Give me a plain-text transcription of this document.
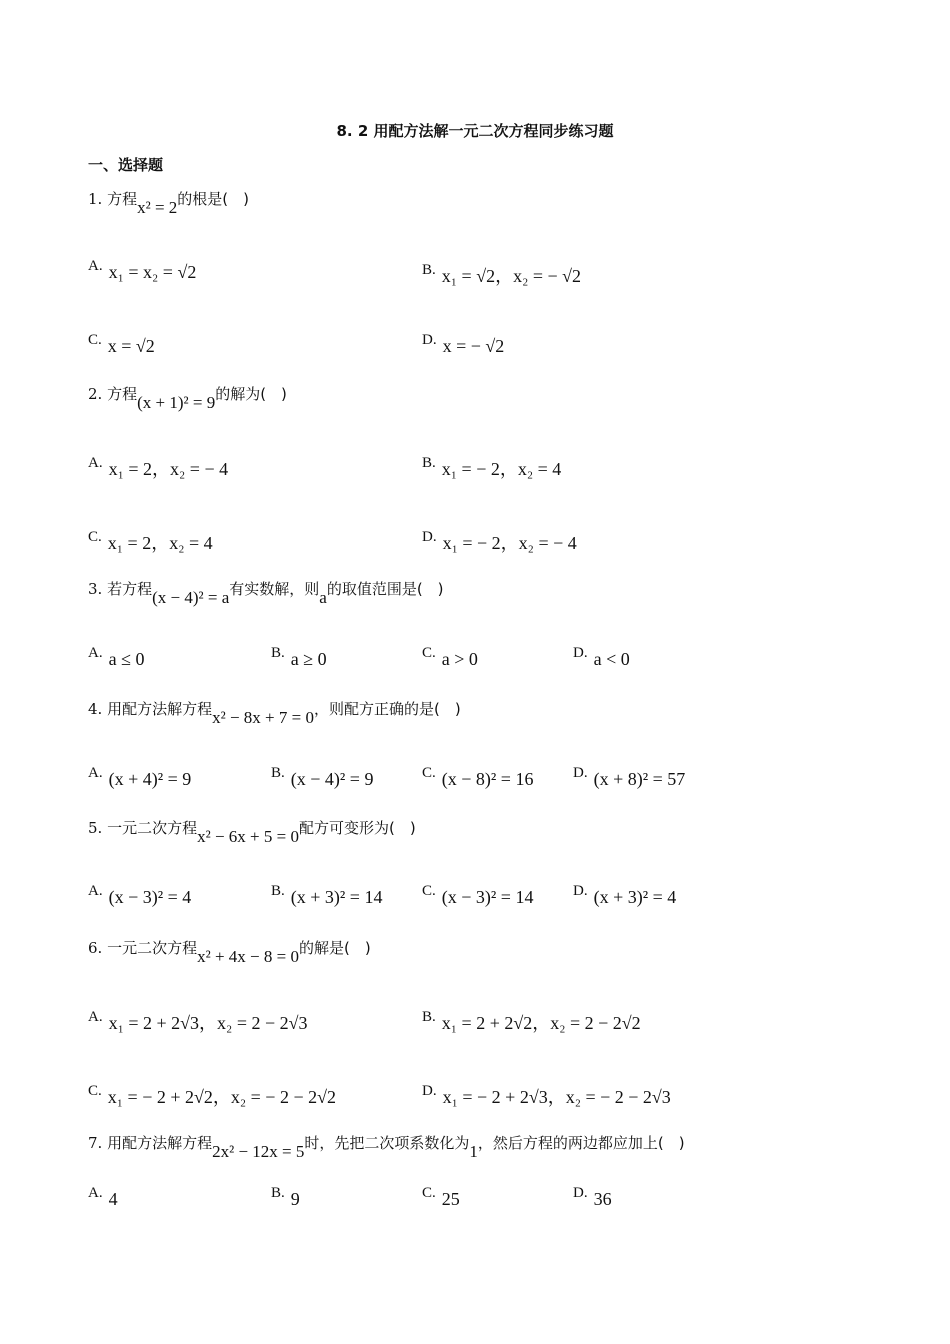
8. 2 用配方法解一元二次方程同步练习题
一、选择题
1. 方程x² = 2的根是(　)
A. x₁ = x₂ = √2	B. x₁ = √2，x₂ = − √2
C. x = √2	D. x = − √2
2. 方程(x + 1)² = 9的解为(　)
A. x₁ = 2，x₂ = − 4	B. x₁ = − 2，x₂ = 4
C. x₁ = 2，x₂ = 4	D. x₁ = − 2，x₂ = − 4
3. 若方程(x − 4)² = a有实数解，则a的取值范围是(　)
A. a ≤ 0	B. a ≥ 0	C. a > 0	D. a < 0
4. 用配方法解方程x² − 8x + 7 = 0，则配方正确的是(　)
A. (x + 4)² = 9	B. (x − 4)² = 9	C. (x − 8)² = 16	D. (x + 8)² = 57
5. 一元二次方程x² − 6x + 5 = 0配方可变形为(　)
A. (x − 3)² = 4	B. (x + 3)² = 14	C. (x − 3)² = 14	D. (x + 3)² = 4
6. 一元二次方程x² + 4x − 8 = 0的解是(　)
A. x₁ = 2 + 2√3，x₂ = 2 − 2√3	B. x₁ = 2 + 2√2，x₂ = 2 − 2√2
C. x₁ = − 2 + 2√2，x₂ = − 2 − 2√2	D. x₁ = − 2 + 2√3，x₂ = − 2 − 2√3
7. 用配方法解方程2x² − 12x = 5时，先把二次项系数化为1，然后方程的两边都应加上(　)
A. 4	B. 9	C. 25	D. 36
